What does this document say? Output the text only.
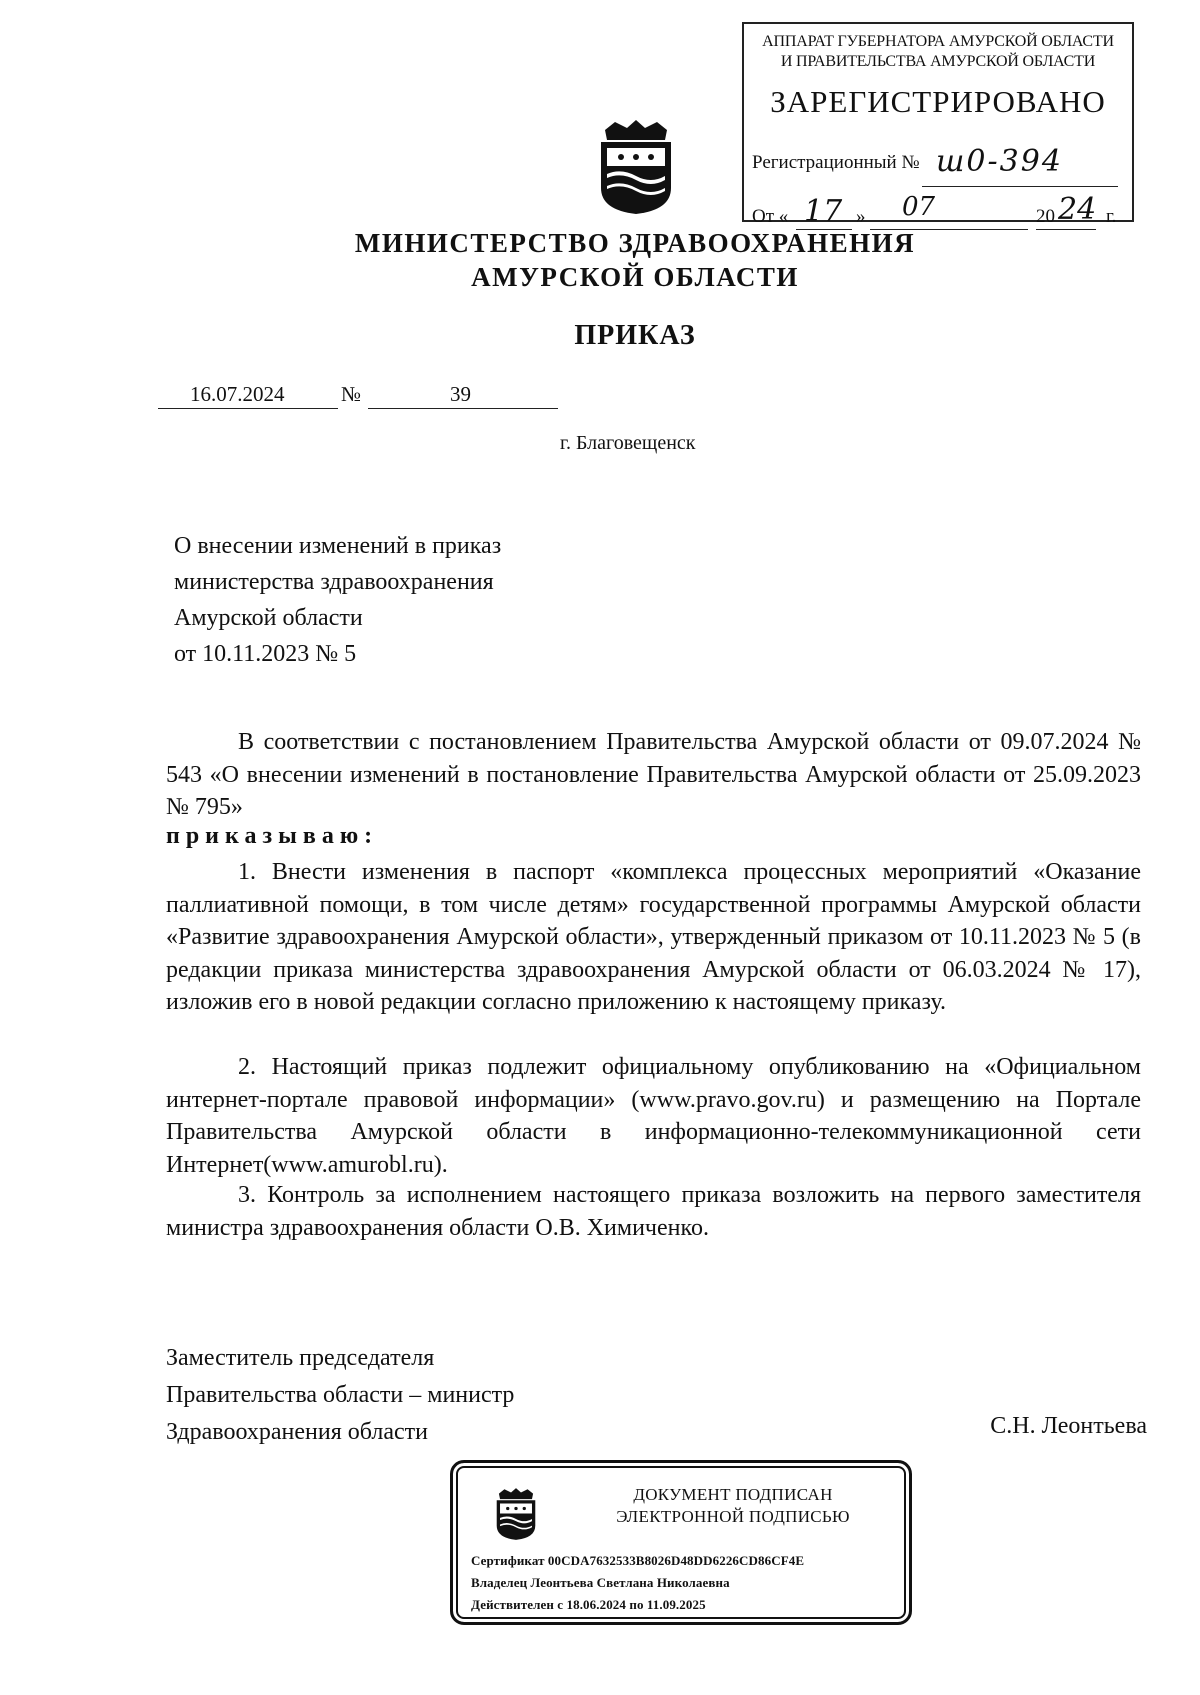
АППАРАТ ГУБЕРНАТОРА АМУРСКОЙ ОБЛАСТИ
И ПРАВИТЕЛЬСТВА АМУРСКОЙ ОБЛАСТИ
ЗАРЕГИСТРИРОВАНО
Регистрационный № ш0-394
От « 17 » 07	20 24 г.
МИНИСТЕРСТВО ЗДРАВООХРАНЕНИЯ
АМУРСКОЙ ОБЛАСТИ
ПРИКАЗ
16.07.2024	№	39
г. Благовещенск
О внесении изменений в приказ
министерства здравоохранения
Амурской области
от 10.11.2023 № 5
В соответствии с постановлением Правительства Амурской области от 09.07.2024 № 543 «О внесении изменений в постановление Правительства Амурской области от 25.09.2023 № 795»
приказываю:
1. Внести изменения в паспорт «комплекса процессных мероприятий «Оказание паллиативной помощи, в том числе детям» государственной программы Амурской области «Развитие здравоохранения Амурской области», утвержденный приказом от 10.11.2023 № 5 (в редакции приказа министерства здравоохранения Амурской области от 06.03.2024 № 17), изложив его в новой редакции согласно приложению к настоящему приказу.
2. Настоящий приказ подлежит официальному опубликованию на «Официальном интернет-портале правовой информации» (www.pravo.gov.ru) и размещению на Портале Правительства Амурской области в информационно-телекоммуникационной сети Интернет(www.amurobl.ru).
3. Контроль за исполнением настоящего приказа возложить на первого заместителя министра здравоохранения области О.В. Химиченко.
Заместитель председателя
Правительства области – министр
Здравоохранения области	С.Н. Леонтьева
ДОКУМЕНТ ПОДПИСАН
ЭЛЕКТРОННОЙ ПОДПИСЬЮ
Сертификат 00CDA7632533B8026D48DD6226CD86CF4E
Владелец Леонтьева Светлана Николаевна
Действителен с 18.06.2024 по 11.09.2025
